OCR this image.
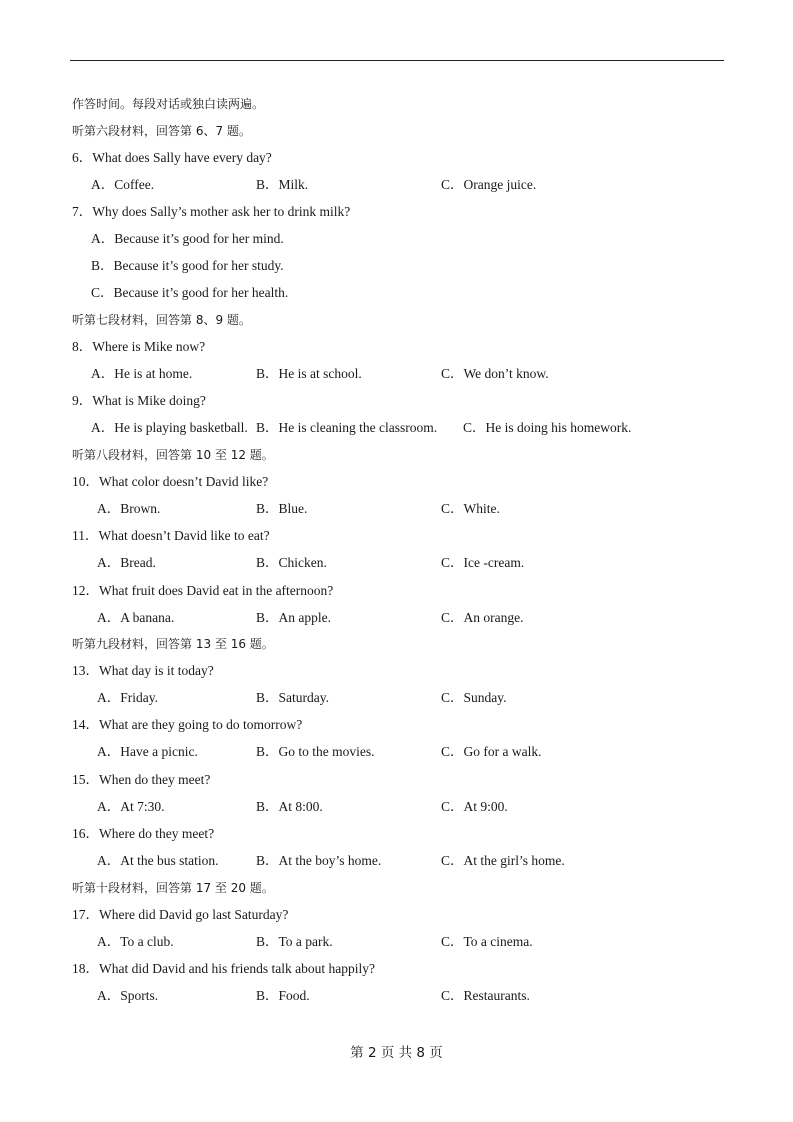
作答时间。每段对话或独白读两遍。
听第六段材料，回答第 6、7 题。
6．What does Sally have every day?
A．Coffee.	B．Milk.	C．Orange juice.
7．Why does Sally’s mother ask her to drink milk?
A．Because it’s good for her mind.
B．Because it’s good for her study.
C．Because it’s good for her health.
听第七段材料，回答第 8、9 题。
8．Where is Mike now?
A．He is at home.	B．He is at school.	C．We don’t know.
9．What is Mike doing?
A．He is playing basketball. B．He is cleaning the classroom. C．He is doing his homework.
听第八段材料，回答第 10 至 12 题。
10．What color doesn’t David like?
A．Brown.	B．Blue.	C．White.
11．What doesn’t David like to eat?
A．Bread.	B．Chicken.	C．Ice -cream.
12．What fruit does David eat in the afternoon?
A．A banana.	B．An apple.	C．An orange.
听第九段材料，回答第 13 至 16 题。
13．What day is it today?
A．Friday.	B．Saturday.	C．Sunday.
14．What are they going to do tomorrow?
A．Have a picnic.	B．Go to the movies.	C．Go for a walk.
15．When do they meet?
A．At 7:30.	B．At 8:00.	C．At 9:00.
16．Where do they meet?
A．At the bus station.	B．At the boy’s home.	C．At the girl’s home.
听第十段材料，回答第 17 至 20 题。
17．Where did David go last Saturday?
A．To a club.	B．To a park.	C．To a cinema.
18．What did David and his friends talk about happily?
A．Sports.	B．Food.	C．Restaurants.
第 2 页 共 8 页
